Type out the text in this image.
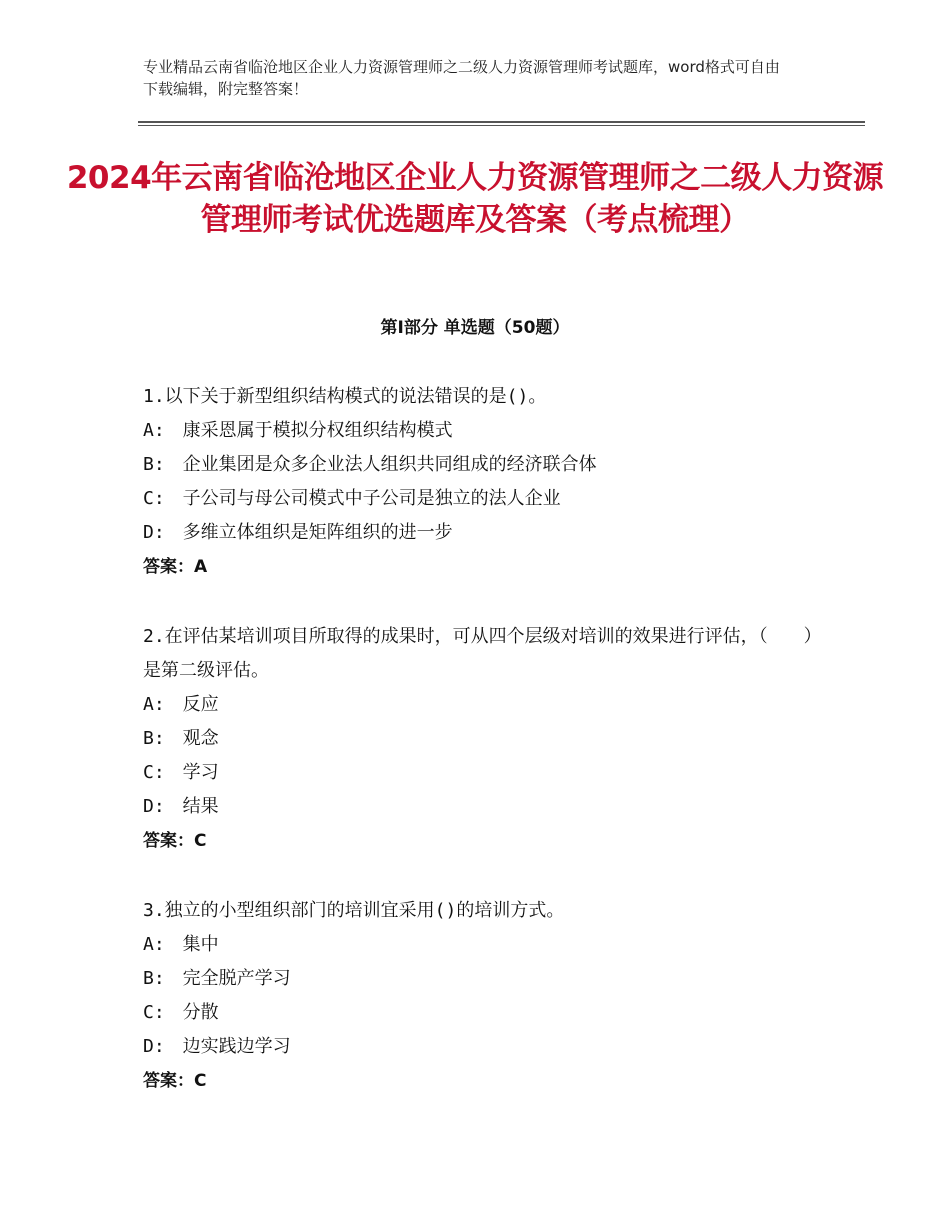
专业精品云南省临沧地区企业人力资源管理师之二级人力资源管理师考试题库，word格式可自由下载编辑，附完整答案！
2024年云南省临沧地区企业人力资源管理师之二级人力资源管理师考试优选题库及答案（考点梳理）
第Ⅰ部分 单选题（50题）
1.以下关于新型组织结构模式的说法错误的是()。
A:　康采恩属于模拟分权组织结构模式
B:　企业集团是众多企业法人组织共同组成的经济联合体
C:　子公司与母公司模式中子公司是独立的法人企业
D:　多维立体组织是矩阵组织的进一步
答案：A
2.在评估某培训项目所取得的成果时，可从四个层级对培训的效果进行评估，（　　）是第二级评估。
A:　反应
B:　观念
C:　学习
D:　结果
答案：C
3.独立的小型组织部门的培训宜采用()的培训方式。
A:　集中
B:　完全脱产学习
C:　分散
D:　边实践边学习
答案：C
